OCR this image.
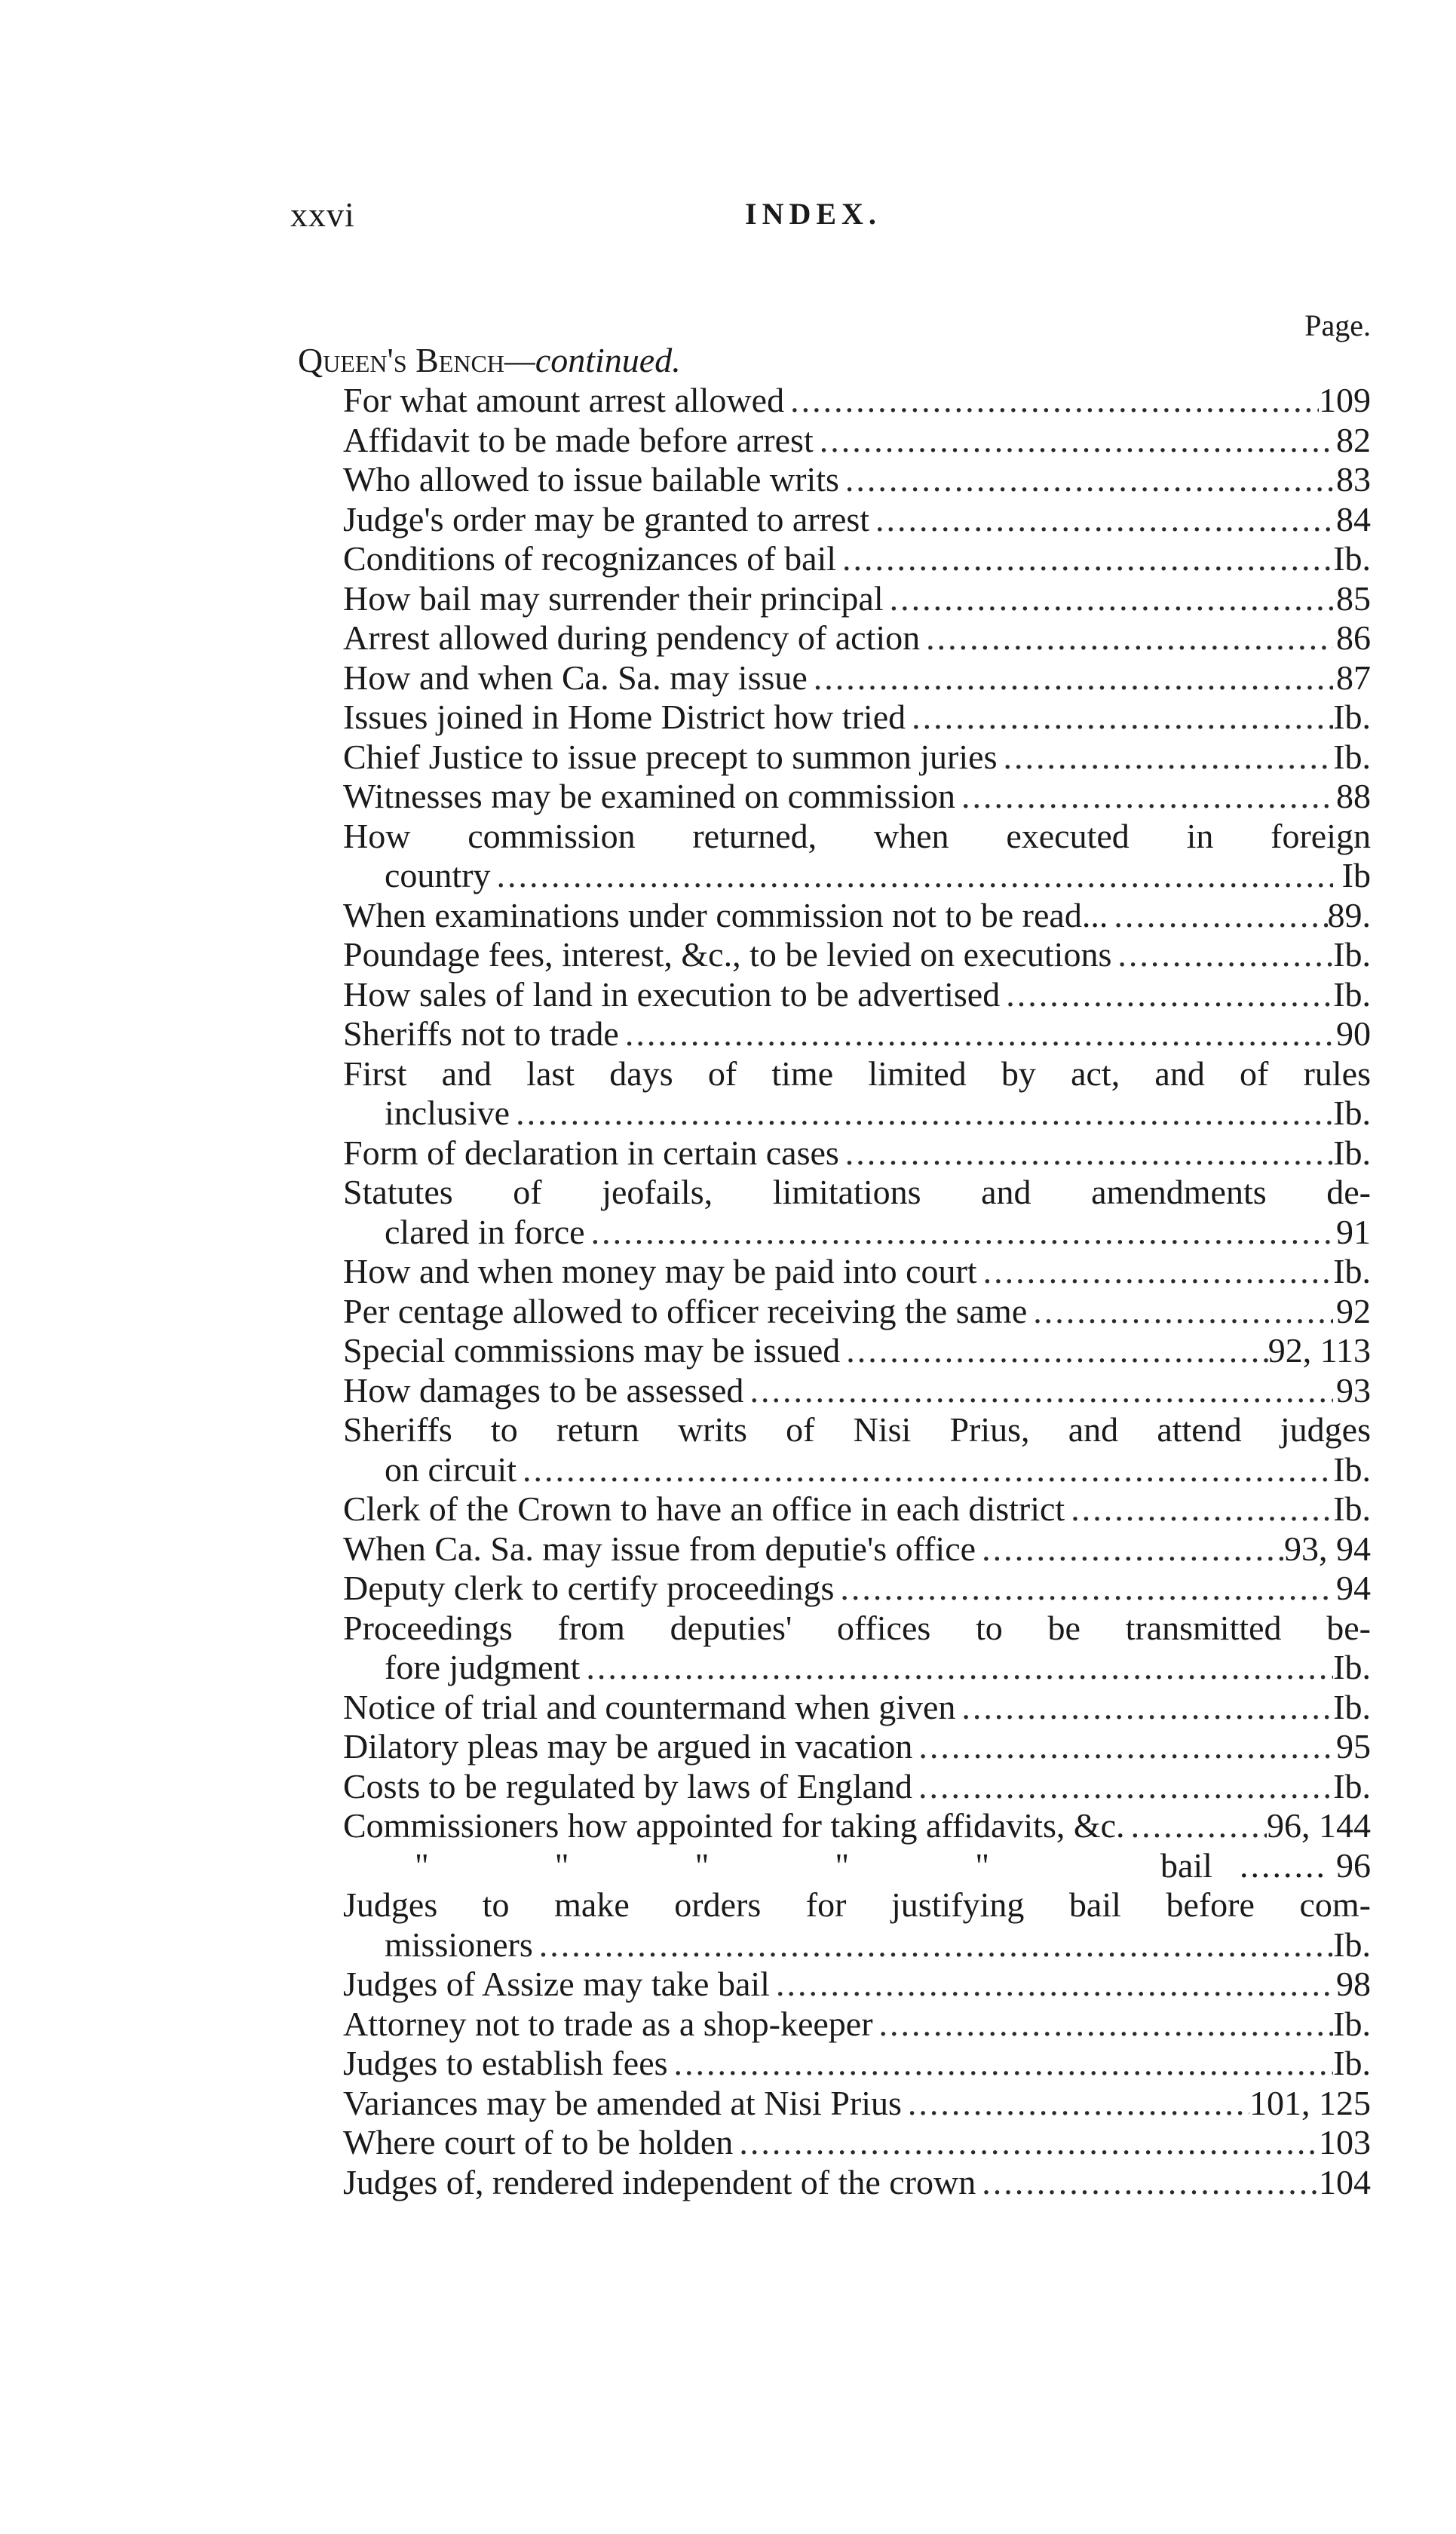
xxvi	INDEX.
Page.
Queen's Bench—continued.
For what amount arrest allowed .....	109
Affidavit to be made before arrest .....	82
Who allowed to issue bailable writs .....	83
Judge's order may be granted to arrest .....	84
Conditions of recognizances of bail .....	Ib.
How bail may surrender their principal .....	85
Arrest allowed during pendency of action .....	86
How and when Ca. Sa. may issue .....	87
Issues joined in Home District how tried .....	Ib.
Chief Justice to issue precept to summon juries .....	Ib.
Witnesses may be examined on commission .....	88
How commission returned, when executed in foreign
country .....	Ib
When examinations under commission not to be read... .....	89.
Poundage fees, interest, &c., to be levied on executions .....	Ib.
How sales of land in execution to be advertised .....	Ib.
Sheriffs not to trade .....	90
First and last days of time limited by act, and of rules
inclusive .....	Ib.
Form of declaration in certain cases .....	Ib.
Statutes of jeofails, limitations and amendments de-
clared in force .....	91
How and when money may be paid into court .....	Ib.
Per centage allowed to officer receiving the same .....	92
Special commissions may be issued .....	92, 113
How damages to be assessed .....	93
Sheriffs to return writs of Nisi Prius, and attend judges
on circuit .....	Ib.
Clerk of the Crown to have an office in each district .....	Ib.
When Ca. Sa. may issue from deputie's office .....	93, 94
Deputy clerk to certify proceedings .....	94
Proceedings from deputies' offices to be transmitted be-
fore judgment .....	Ib.
Notice of trial and countermand when given .....	Ib.
Dilatory pleas may be argued in vacation .....	95
Costs to be regulated by laws of England .....	Ib.
Commissioners how appointed for taking affidavits, &c. .....	96, 144
"	"	"	"	"	bail ........ 96
Judges to make orders for justifying bail before com-
missioners .....	Ib.
Judges of Assize may take bail .....	98
Attorney not to trade as a shop-keeper .....	Ib.
Judges to establish fees .....	Ib.
Variances may be amended at Nisi Prius .....	101, 125
Where court of to be holden .....	103
Judges of, rendered independent of the crown .....	104
